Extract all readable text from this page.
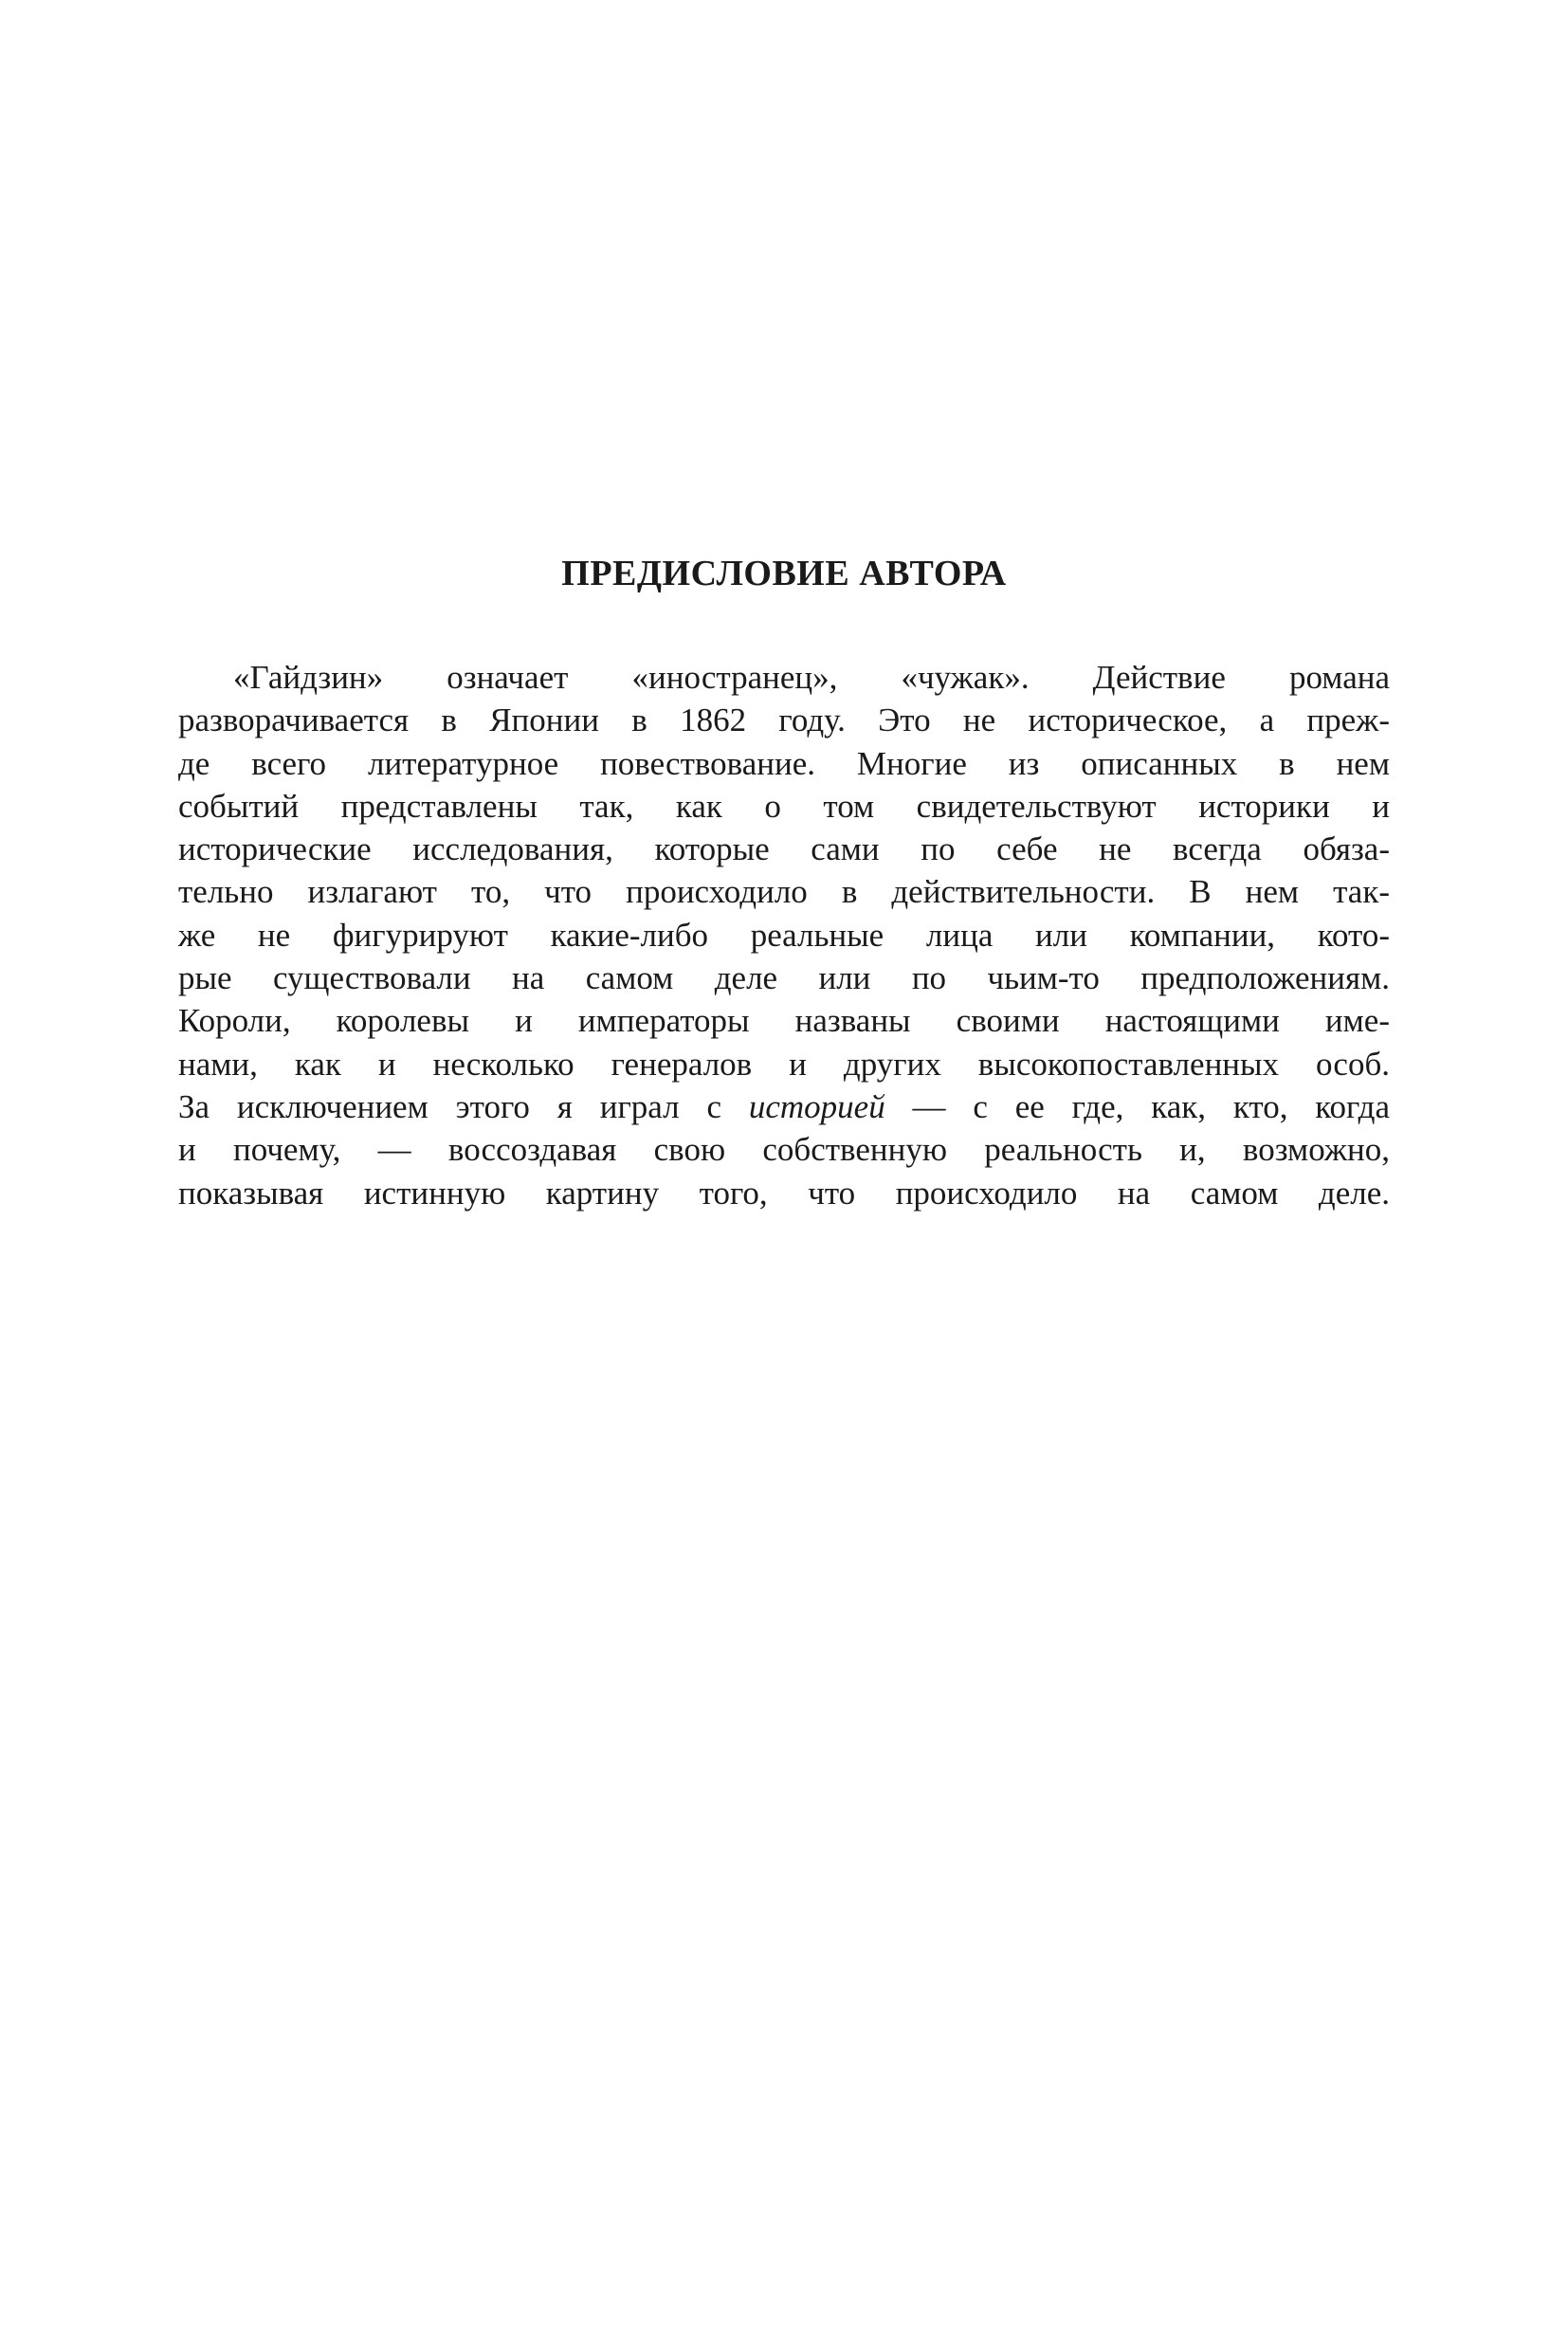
ПРЕДИСЛОВИЕ АВТОРА
«Гайдзин» означает «иностранец», «чужак». Действие романа
разворачивается в Японии в 1862 году. Это не историческое, а преж-
де всего литературное повествование. Многие из описанных в нем
событий представлены так, как о том свидетельствуют историки и
исторические исследования, которые сами по себе не всегда обяза-
тельно излагают то, что происходило в действительности. В нем так-
же не фигурируют какие-либо реальные лица или компании, кото-
рые существовали на самом деле или по чьим-то предположениям.
Короли, королевы и императоры названы своими настоящими име-
нами, как и несколько генералов и других высокопоставленных особ.
За исключением этого я играл с историей — с ее где, как, кто, когда
и почему, — воссоздавая свою собственную реальность и, возможно,
показывая истинную картину того, что происходило на самом деле.
